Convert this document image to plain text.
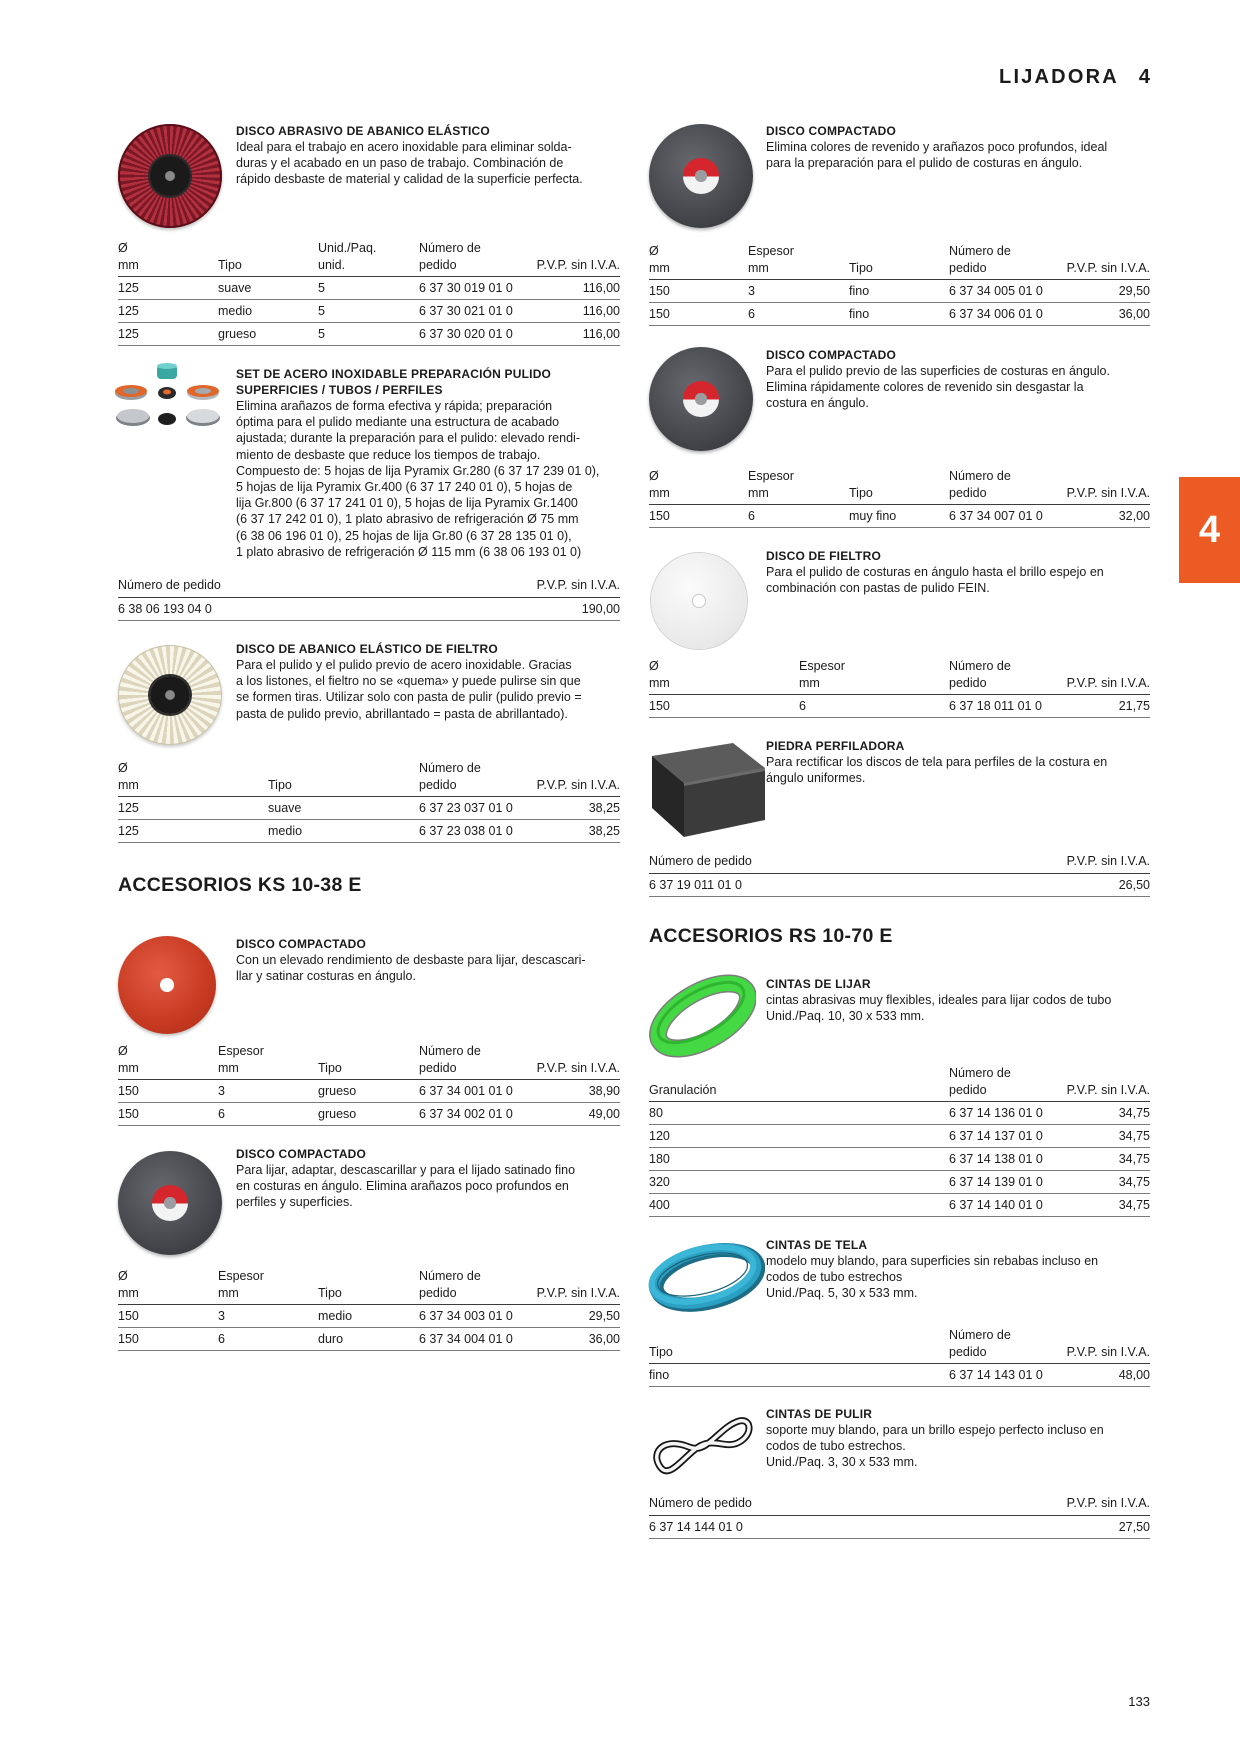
LIJADORA 4
4
DISCO ABRASIVO DE ABANICO ELÁSTICO
Ideal para el trabajo en acero inoxidable para eliminar solda-
duras y el acabado en un paso de trabajo. Combinación de
rápido desbaste de material y calidad de la superficie perfecta.
Ø
mm	Tipo	Unid./Paq.
unid.	Número de
pedido	P.V.P. sin I.V.A.
125	suave	5	6 37 30 019 01 0	116,00
125	medio	5	6 37 30 021 01 0	116,00
125	grueso	5	6 37 30 020 01 0	116,00
SET DE ACERO INOXIDABLE PREPARACIÓN PULIDO
SUPERFICIES / TUBOS / PERFILES
Elimina arañazos de forma efectiva y rápida; preparación
óptima para el pulido mediante una estructura de acabado
ajustada; durante la preparación para el pulido: elevado rendi-
miento de desbaste que reduce los tiempos de trabajo.
Compuesto de: 5 hojas de lija Pyramix Gr.280 (6 37 17 239 01 0),
5 hojas de lija Pyramix Gr.400 (6 37 17 240 01 0), 5 hojas de
lija Gr.800 (6 37 17 241 01 0), 5 hojas de lija Pyramix Gr.1400
(6 37 17 242 01 0), 1 plato abrasivo de refrigeración Ø 75 mm
(6 38 06 196 01 0), 25 hojas de lija Gr.80 (6 37 28 135 01 0),
1 plato abrasivo de refrigeración Ø 115 mm (6 38 06 193 01 0)
Número de pedido	P.V.P. sin I.V.A.
6 38 06 193 04 0	190,00
DISCO DE ABANICO ELÁSTICO DE FIELTRO
Para el pulido y el pulido previo de acero inoxidable. Gracias
a los listones, el fieltro no se «quema» y puede pulirse sin que
se formen tiras. Utilizar solo con pasta de pulir (pulido previo =
pasta de pulido previo, abrillantado = pasta de abrillantado).
Ø
mm	Tipo	Número de
pedido	P.V.P. sin I.V.A.
125	suave	6 37 23 037 01 0	38,25
125	medio	6 37 23 038 01 0	38,25
ACCESORIOS KS 10-38 E
DISCO COMPACTADO
Con un elevado rendimiento de desbaste para lijar, descascari-
llar y satinar costuras en ángulo.
Ø
mm	Espesor
mm	Tipo	Número de
pedido	P.V.P. sin I.V.A.
150	3	grueso	6 37 34 001 01 0	38,90
150	6	grueso	6 37 34 002 01 0	49,00
DISCO COMPACTADO
Para lijar, adaptar, descascarillar y para el lijado satinado fino
en costuras en ángulo. Elimina arañazos poco profundos en
perfiles y superficies.
Ø
mm	Espesor
mm	Tipo	Número de
pedido	P.V.P. sin I.V.A.
150	3	medio	6 37 34 003 01 0	29,50
150	6	duro	6 37 34 004 01 0	36,00
DISCO COMPACTADO
Elimina colores de revenido y arañazos poco profundos, ideal
para la preparación para el pulido de costuras en ángulo.
Ø
mm	Espesor
mm	Tipo	Número de
pedido	P.V.P. sin I.V.A.
150	3	fino	6 37 34 005 01 0	29,50
150	6	fino	6 37 34 006 01 0	36,00
DISCO COMPACTADO
Para el pulido previo de las superficies de costuras en ángulo.
Elimina rápidamente colores de revenido sin desgastar la
costura en ángulo.
Ø
mm	Espesor
mm	Tipo	Número de
pedido	P.V.P. sin I.V.A.
150	6	muy fino	6 37 34 007 01 0	32,00
DISCO DE FIELTRO
Para el pulido de costuras en ángulo hasta el brillo espejo en
combinación con pastas de pulido FEIN.
Ø
mm	Espesor
mm	Número de
pedido	P.V.P. sin I.V.A.
150	6	6 37 18 011 01 0	21,75
PIEDRA PERFILADORA
Para rectificar los discos de tela para perfiles de la costura en
ángulo uniformes.
Número de pedido	P.V.P. sin I.V.A.
6 37 19 011 01 0	26,50
ACCESORIOS RS 10-70 E
CINTAS DE LIJAR
cintas abrasivas muy flexibles, ideales para lijar codos de tubo
Unid./Paq. 10, 30 x 533 mm.
Granulación	Número de
pedido	P.V.P. sin I.V.A.
80	6 37 14 136 01 0	34,75
120	6 37 14 137 01 0	34,75
180	6 37 14 138 01 0	34,75
320	6 37 14 139 01 0	34,75
400	6 37 14 140 01 0	34,75
CINTAS DE TELA
modelo muy blando, para superficies sin rebabas incluso en
codos de tubo estrechos
Unid./Paq. 5, 30 x 533 mm.
Tipo	Número de
pedido	P.V.P. sin I.V.A.
fino	6 37 14 143 01 0	48,00
CINTAS DE PULIR
soporte muy blando, para un brillo espejo perfecto incluso en
codos de tubo estrechos.
Unid./Paq. 3, 30 x 533 mm.
Número de pedido	P.V.P. sin I.V.A.
6 37 14 144 01 0	27,50
133
